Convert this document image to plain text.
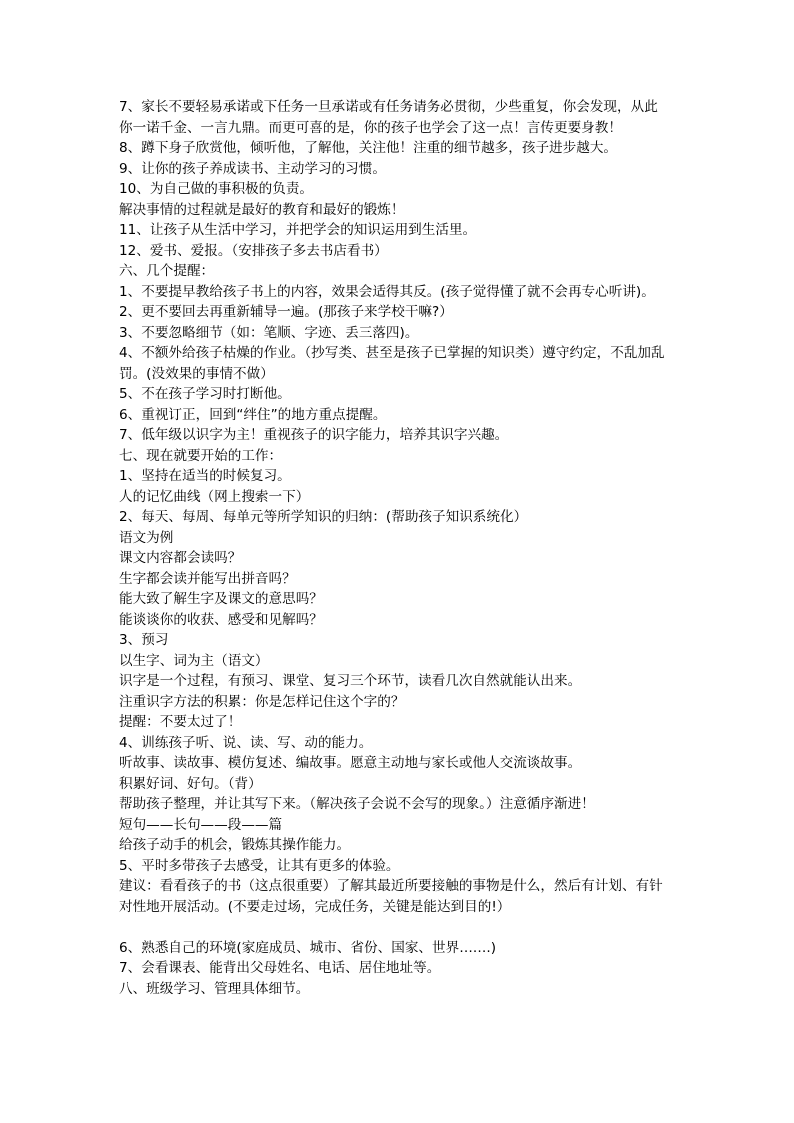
7、家长不要轻易承诺或下任务一旦承诺或有任务请务必贯彻，少些重复，你会发现，从此

你一诺千金、一言九鼎。而更可喜的是，你的孩子也学会了这一点！言传更要身教！

8、蹲下身子欣赏他，倾听他，了解他，关注他！注重的细节越多，孩子进步越大。

9、让你的孩子养成读书、主动学习的习惯。

10、为自己做的事积极的负责。

解决事情的过程就是最好的教育和最好的锻炼！

11、让孩子从生活中学习，并把学会的知识运用到生活里。

12、爱书、爱报。（安排孩子多去书店看书）

六、几个提醒：

1、不要提早教给孩子书上的内容，效果会适得其反。(孩子觉得懂了就不会再专心听讲)。

2、更不要回去再重新辅导一遍。(那孩子来学校干嘛?）

3、不要忽略细节（如：笔顺、字迹、丢三落四)。

4、不额外给孩子枯燥的作业。（抄写类、甚至是孩子已掌握的知识类）遵守约定，不乱加乱

罚。(没效果的事情不做）

5、不在孩子学习时打断他。

6、重视订正，回到“绊住”的地方重点提醒。

7、低年级以识字为主！重视孩子的识字能力，培养其识字兴趣。

七、现在就要开始的工作：

1、坚持在适当的时候复习。

人的记忆曲线（网上搜索一下）

2、每天、每周、每单元等所学知识的归纳：(帮助孩子知识系统化）

语文为例

课文内容都会读吗？

生字都会读并能写出拼音吗？

能大致了解生字及课文的意思吗？

能谈谈你的收获、感受和见解吗？

3、预习

以生字、词为主（语文）

识字是一个过程，有预习、课堂、复习三个环节，读看几次自然就能认出来。

注重识字方法的积累：你是怎样记住这个字的？

提醒：不要太过了！

4、训练孩子听、说、读、写、动的能力。

听故事、读故事、模仿复述、编故事。愿意主动地与家长或他人交流谈故事。

积累好词、好句。（背）

帮助孩子整理，并让其写下来。（解决孩子会说不会写的现象。）注意循序渐进！

短句——长句——段——篇

给孩子动手的机会，锻炼其操作能力。

5、平时多带孩子去感受，让其有更多的体验。

建议：看看孩子的书（这点很重要）了解其最近所要接触的事物是什么，然后有计划、有针

对性地开展活动。(不要走过场，完成任务，关键是能达到目的!）

6、熟悉自己的环境(家庭成员、城市、省份、国家、世界…….)

7、会看课表、能背出父母姓名、电话、居住地址等。

八、班级学习、管理具体细节。
